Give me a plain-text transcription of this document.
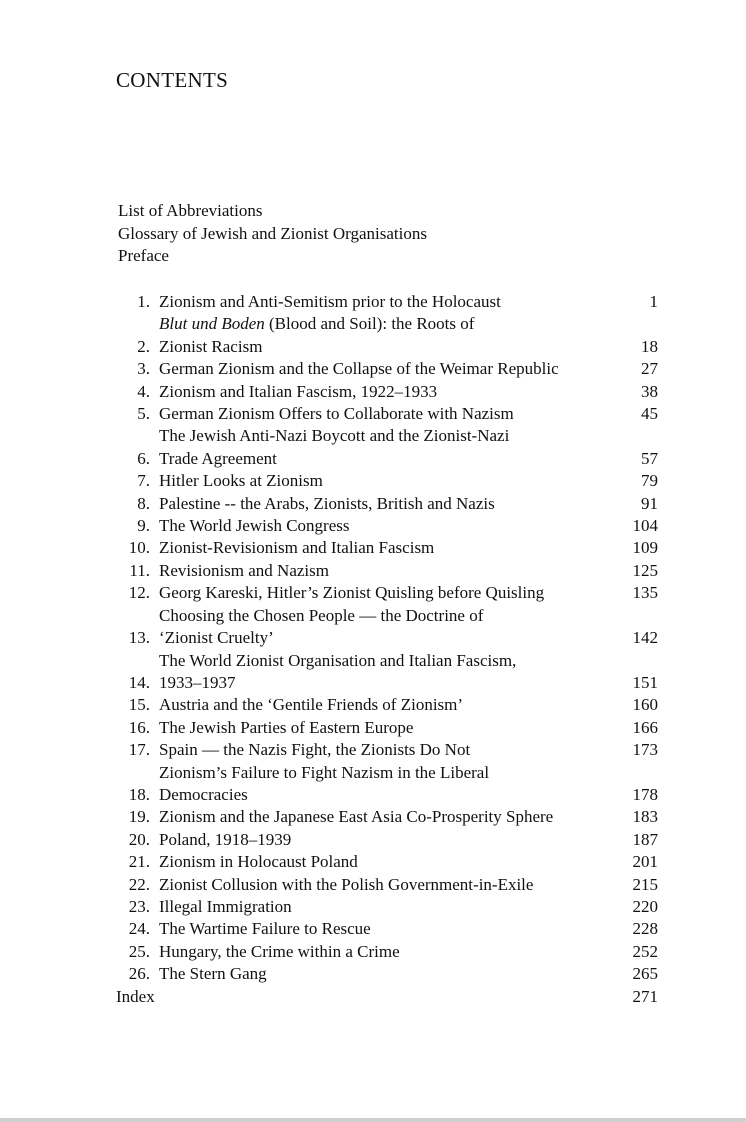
CONTENTS
List of Abbreviations
Glossary of Jewish and Zionist Organisations
Preface
1. Zionism and Anti-Semitism prior to the Holocaust	1
2.
Blut und Boden (Blood and Soil): the Roots of
Zionist Racism	18
3. German Zionism and the Collapse of the Weimar Republic	27
4. Zionism and Italian Fascism, 1922–1933	38
5. German Zionism Offers to Collaborate with Nazism	45
6.
The Jewish Anti-Nazi Boycott and the Zionist-Nazi
Trade Agreement	57
7. Hitler Looks at Zionism	79
8. Palestine -- the Arabs, Zionists, British and Nazis	91
9. The World Jewish Congress	104
10. Zionist-Revisionism and Italian Fascism	109
11. Revisionism and Nazism	125
12. Georg Kareski, Hitler’s Zionist Quisling before Quisling	135
13.
Choosing the Chosen People — the Doctrine of
‘Zionist Cruelty’	142
14.
The World Zionist Organisation and Italian Fascism,
1933–1937	151
15. Austria and the ‘Gentile Friends of Zionism’	160
16. The Jewish Parties of Eastern Europe	166
17. Spain — the Nazis Fight, the Zionists Do Not	173
18.
Zionism’s Failure to Fight Nazism in the Liberal
Democracies	178
19. Zionism and the Japanese East Asia Co-Prosperity Sphere	183
20. Poland, 1918–1939	187
21. Zionism in Holocaust Poland	201
22. Zionist Collusion with the Polish Government-in-Exile	215
23. Illegal Immigration	220
24. The Wartime Failure to Rescue	228
25. Hungary, the Crime within a Crime	252
26. The Stern Gang	265
Index	271
